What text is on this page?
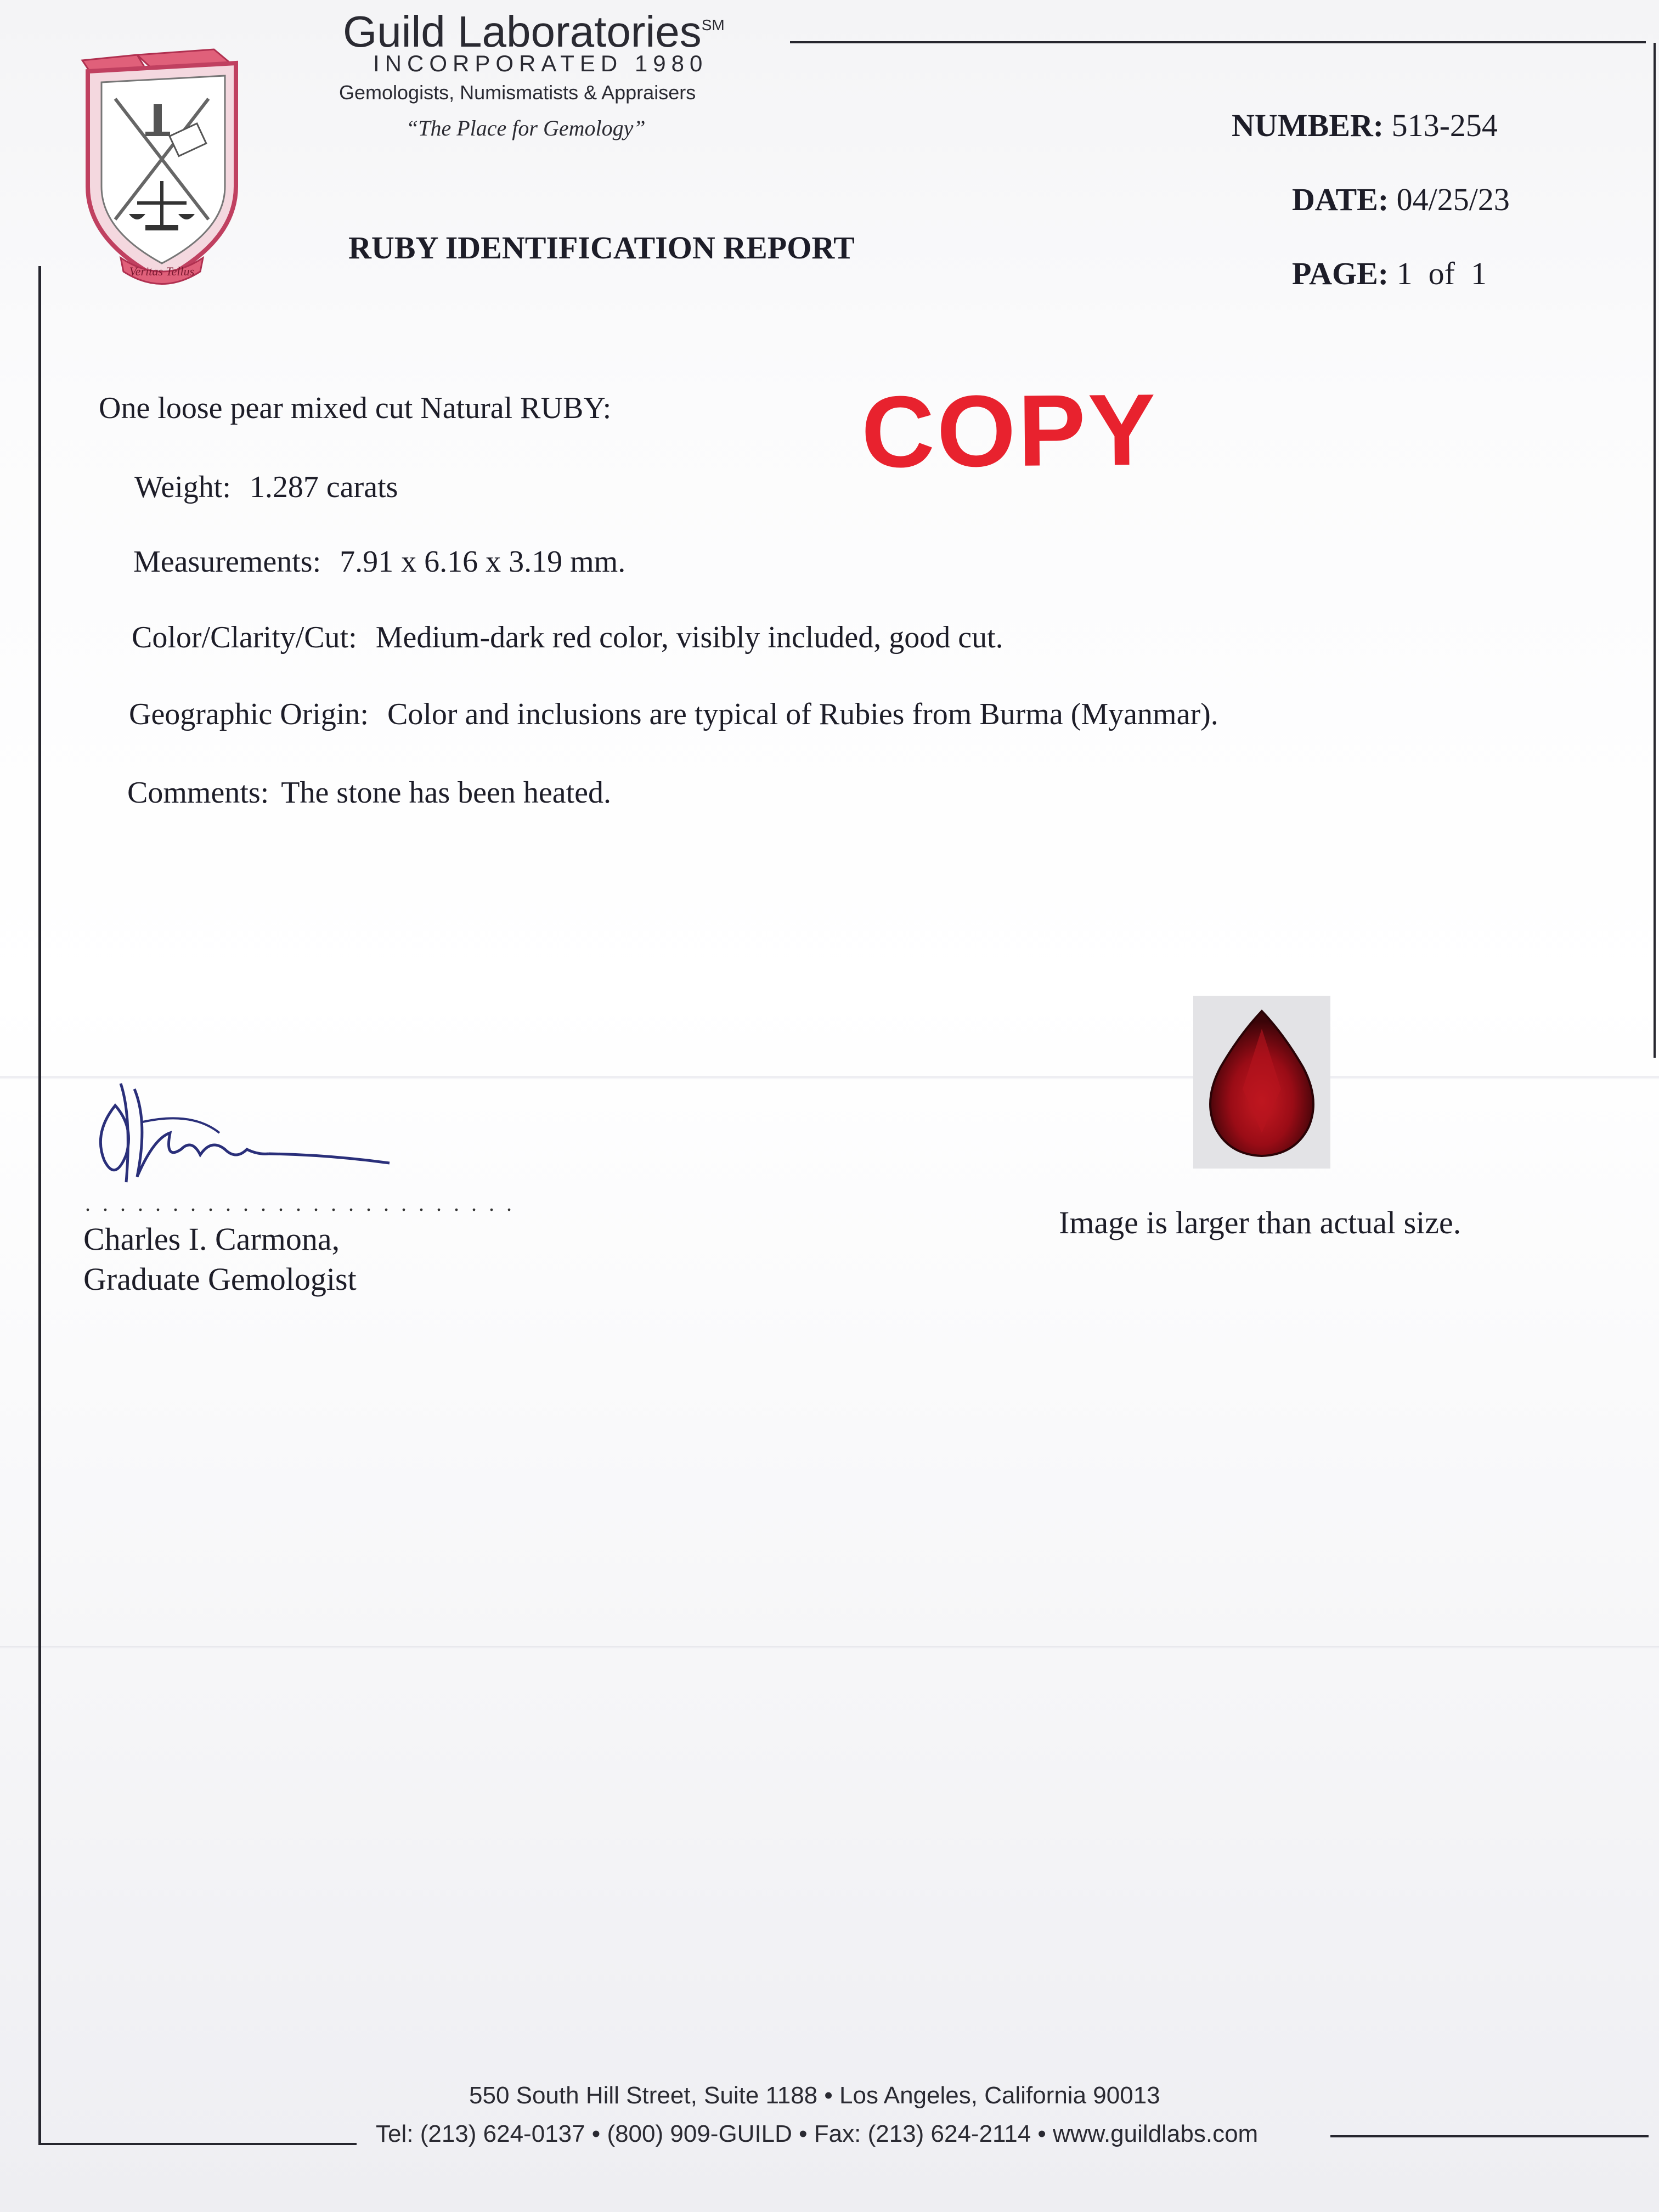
Veritas Tellus
Guild Laboratories℠
INCORPORATED 1980
Gemologists, Numismatists & Appraisers
“The Place for Gemology”	NUMBER: 513-254
DATE: 04/25/23
PAGE: 1  of  1
RUBY IDENTIFICATION REPORT
COPY
One loose pear mixed cut Natural RUBY:
Weight: 1.287 carats
Measurements: 7.91 x 6.16 x 3.19 mm.
Color/Clarity/Cut: Medium-dark red color, visibly included, good cut.
Geographic Origin: Color and inclusions are typical of Rubies from Burma (Myanmar).
Comments: The stone has been heated.
. . . . . . . . . . . . . . . . . . . . . . . . .
Charles I. Carmona,
Graduate Gemologist
Image is larger than actual size.
550 South Hill Street, Suite 1188 • Los Angeles, California 90013
Tel: (213) 624-0137 • (800) 909-GUILD • Fax: (213) 624-2114 • www.guildlabs.com
